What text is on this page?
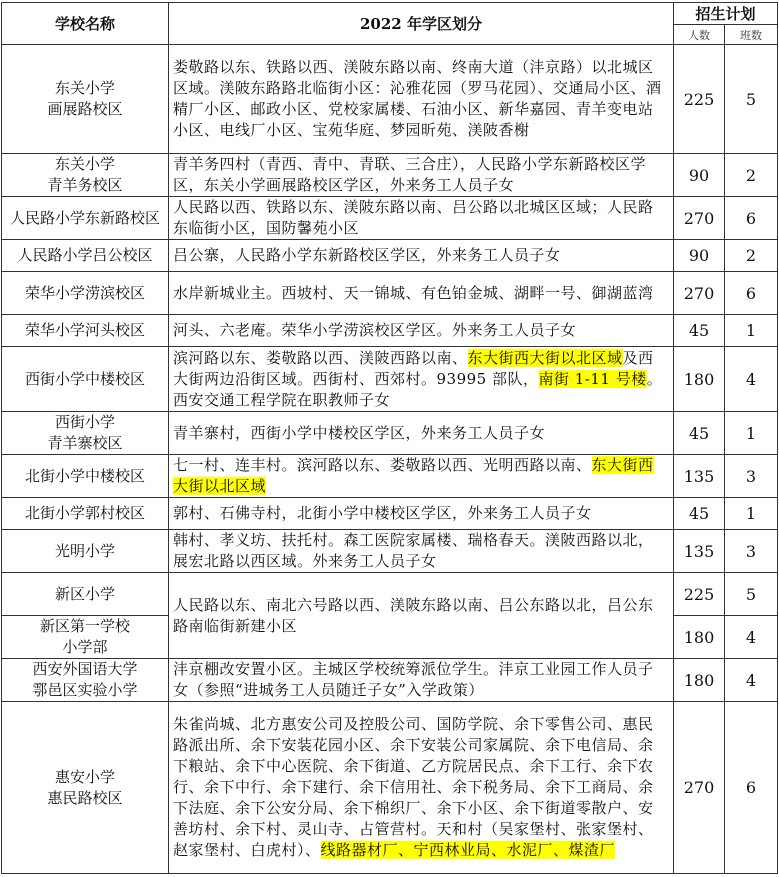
学校名称	2022 年学区划分	招生计划	
		人数	班数
东关小学
画展路校区	娄敬路以东、铁路以西、渼陂东路以南、终南大道（沣京路）以北城区区域。渼陂东路路北临街小区：沁雅花园（罗马花园）、交通局小区、酒精厂小区、邮政小区、党校家属楼、石油小区、新华嘉园、青羊变电站小区、电线厂小区、宝苑华庭、梦园昕苑、渼陂香榭	225	5
东关小学
青羊务校区	青羊务四村（青西、青中、青联、三合庄），人民路小学东新路校区学区，东关小学画展路校区学区，外来务工人员子女	90	2
人民路小学东新路校区	人民路以西、铁路以东、渼陂东路以南、吕公路以北城区区域；人民路东临街小区，国防馨苑小区	270	6
人民路小学吕公校区	吕公寨，人民路小学东新路校区学区，外来务工人员子女	90	2
荣华小学涝滨校区	水岸新城业主。西坡村、天一锦城、有色铂金城、湖畔一号、御湖蓝湾	270	6
荣华小学河头校区	河头、六老庵。荣华小学涝滨校区学区。外来务工人员子女	45	1
西街小学中楼校区	滨河路以东、娄敬路以西、渼陂西路以南、东大街西大街以北区域及西大街两边沿街区域。西街村、西郊村。93995 部队，南街 1-11 号楼。西安交通工程学院在职教师子女	180	4
西街小学
青羊寨校区	青羊寨村，西街小学中楼校区学区，外来务工人员子女	45	1
北街小学中楼校区	七一村、连丰村。滨河路以东、娄敬路以西、光明西路以南、东大街西大街以北区域	135	3
北街小学郭村校区	郭村、石佛寺村，北街小学中楼校区学区，外来务工人员子女	45	1
光明小学	韩村、孝义坊、扶托村。森工医院家属楼、瑞格春天。渼陂西路以北，展宏北路以西区域。外来务工人员子女	135	3
新区小学	人民路以东、南北六号路以西、渼陂东路以南、吕公东路以北，吕公东路南临街新建小区	225	5
新区第一学校
小学部		180	4
西安外国语大学
鄠邑区实验小学	沣京棚改安置小区。主城区学校统筹派位学生。沣京工业园工作人员子女（参照“进城务工人员随迁子女”入学政策）	180	4
惠安小学
惠民路校区	朱雀尚城、北方惠安公司及控股公司、国防学院、余下零售公司、惠民路派出所、余下安装花园小区、余下安装公司家属院、余下电信局、余下粮站、余下中心医院、余下街道、乙方院居民点、余下工行、余下农行、余下中行、余下建行、余下信用社、余下税务局、余下工商局、余下法庭、余下公安分局、余下棉织厂、余下小区、余下街道零散户、安善坊村、余下村、灵山寺、占管营村。天和村（吴家堡村、张家堡村、赵家堡村、白虎村）、线路器材厂、宁西林业局、水泥厂、煤渣厂	270	6
